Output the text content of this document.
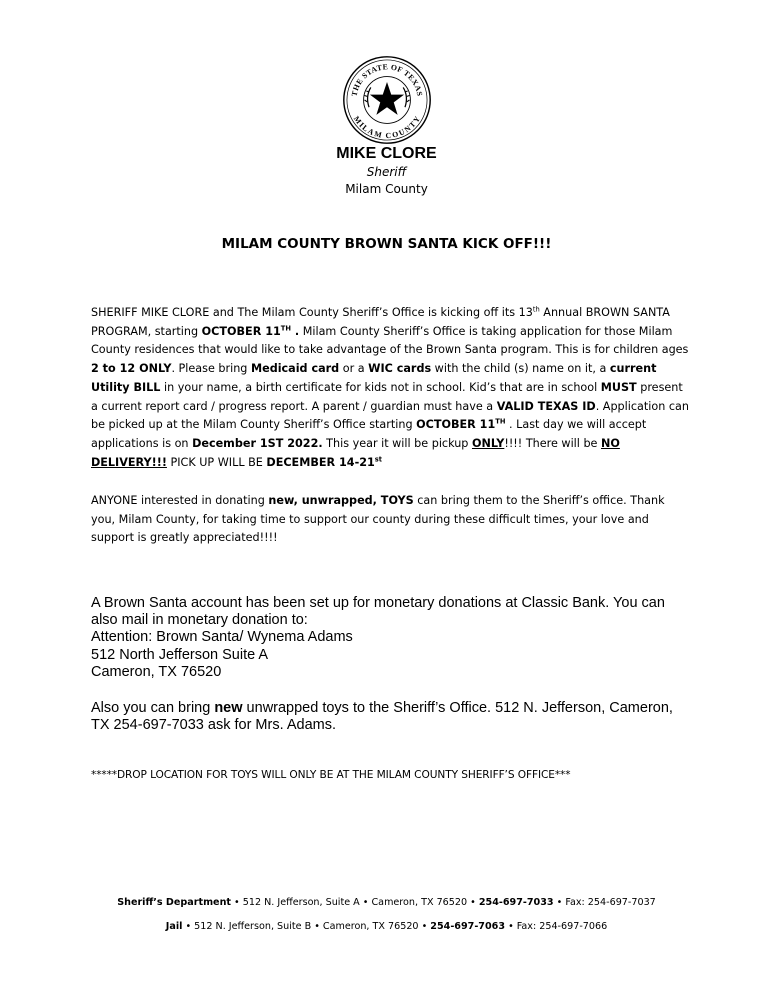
THE STATE OF TEXAS
MILAM COUNTY
MIKE CLORE
Sheriff
Milam County
MILAM COUNTY BROWN SANTA KICK OFF!!!
SHERIFF MIKE CLORE and The Milam County Sheriff’s Office is kicking off its 13th Annual BROWN SANTA PROGRAM, starting OCTOBER 11TH . Milam County Sheriff’s Office is taking application for those Milam County residences that would like to take advantage of the Brown Santa program. This is for children ages 2 to 12 ONLY. Please bring Medicaid card or a WIC cards with the child (s) name on it, a current Utility BILL in your name, a birth certificate for kids not in school. Kid’s that are in school MUST present a current report card / progress report. A parent / guardian must have a VALID TEXAS ID. Application can be picked up at the Milam County Sheriff’s Office starting OCTOBER 11TH . Last day we will accept applications is on December 1ST 2022. This year it will be pickup ONLY!!!! There will be NO DELIVERY!!! PICK UP WILL BE DECEMBER 14-21st
ANYONE interested in donating new, unwrapped, TOYS can bring them to the Sheriff’s office. Thank you, Milam County, for taking time to support our county during these difficult times, your love and support is greatly appreciated!!!!
A Brown Santa account has been set up for monetary donations at Classic Bank. You can also mail in monetary donation to:
Attention: Brown Santa/ Wynema Adams
512 North Jefferson Suite A
Cameron, TX 76520
Also you can bring new unwrapped toys to the Sheriff’s Office. 512 N. Jefferson, Cameron, TX 254-697-7033 ask for Mrs. Adams.
*****DROP LOCATION FOR TOYS WILL ONLY BE AT THE MILAM COUNTY SHERIFF’S OFFICE***
Sheriff’s Department • 512 N. Jefferson, Suite A • Cameron, TX 76520 • 254-697-7033 • Fax: 254-697-7037
Jail • 512 N. Jefferson, Suite B • Cameron, TX 76520 • 254-697-7063 • Fax: 254-697-7066
